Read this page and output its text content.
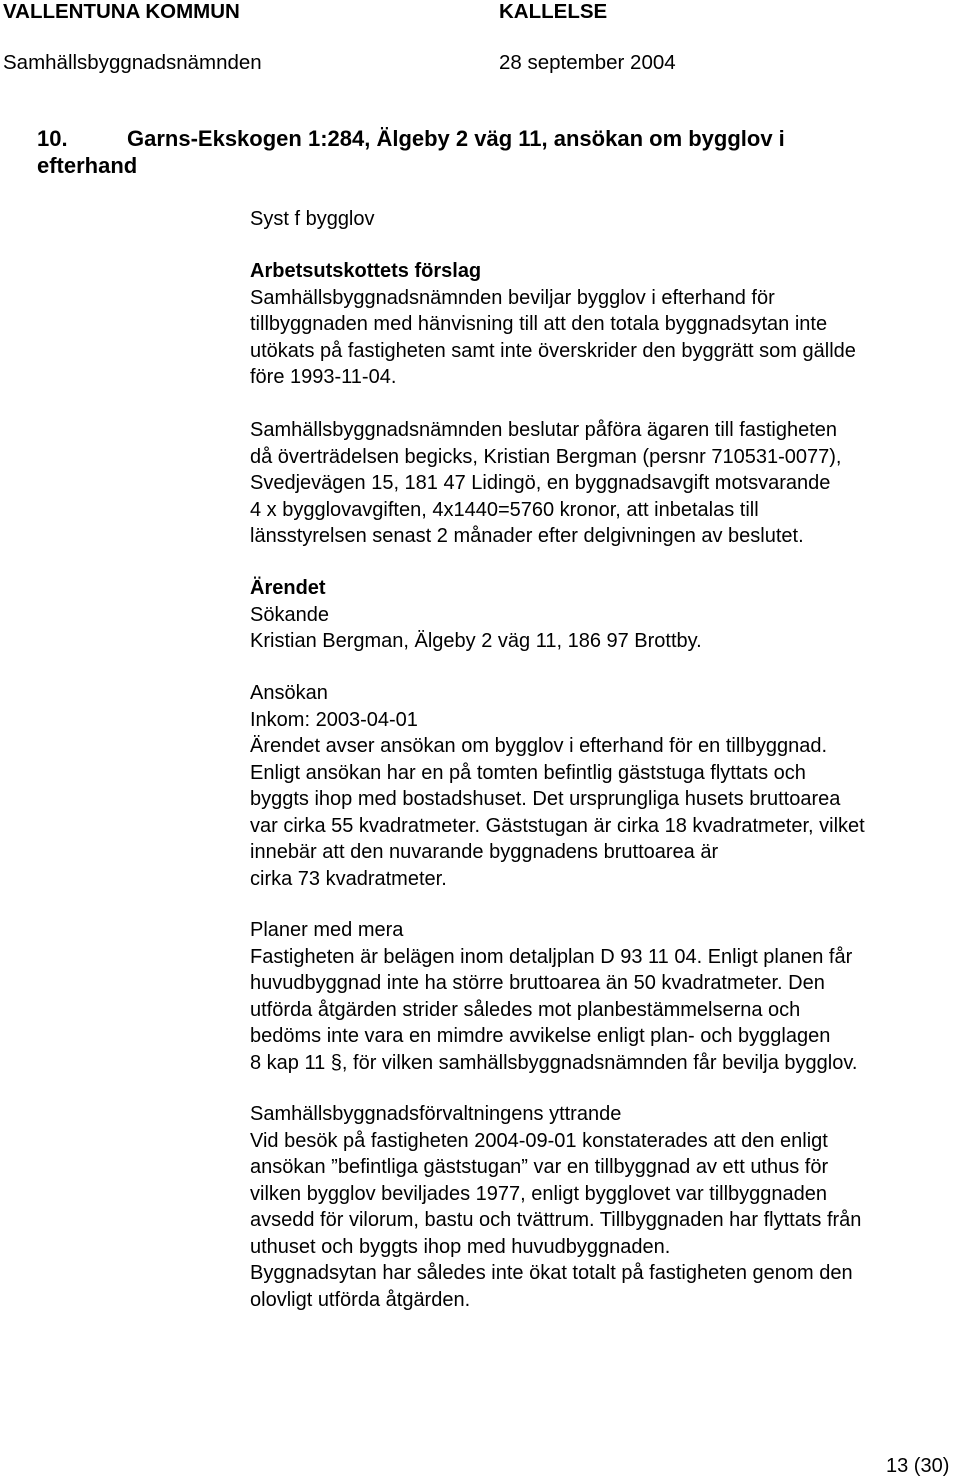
VALLENTUNA KOMMUN	KALLELSE
Samhällsbyggnadsnämnden	28 september 2004
10.	Garns-Ekskogen 1:284, Älgeby 2 väg 11, ansökan om bygglov i
efterhand
Syst f bygglov
Arbetsutskottets förslag
Samhällsbyggnadsnämnden beviljar bygglov i efterhand för
tillbyggnaden med hänvisning till att den totala byggnadsytan inte
utökats på fastigheten samt inte överskrider den byggrätt som gällde
före 1993-11-04.
Samhällsbyggnadsnämnden beslutar påföra ägaren till fastigheten
då överträdelsen begicks, Kristian Bergman (persnr 710531-0077),
Svedjevägen 15, 181 47 Lidingö, en byggnadsavgift motsvarande
4 x bygglovavgiften, 4x1440=5760 kronor, att inbetalas till
länsstyrelsen senast 2 månader efter delgivningen av beslutet.
Ärendet
Sökande
Kristian Bergman, Älgeby 2 väg 11, 186 97 Brottby.
Ansökan
Inkom: 2003-04-01
Ärendet avser ansökan om bygglov i efterhand för en tillbyggnad.
Enligt ansökan har en på tomten befintlig gäststuga flyttats och
byggts ihop med bostadshuset. Det ursprungliga husets bruttoarea
var cirka 55 kvadratmeter. Gäststugan är cirka 18 kvadratmeter, vilket
innebär att den nuvarande byggnadens bruttoarea är
cirka 73 kvadratmeter.
Planer med mera
Fastigheten är belägen inom detaljplan D 93 11 04. Enligt planen får
huvudbyggnad inte ha större bruttoarea än 50 kvadratmeter. Den
utförda åtgärden strider således mot planbestämmelserna och
bedöms inte vara en mimdre avvikelse enligt plan- och bygglagen
8 kap 11 §, för vilken samhällsbyggnadsnämnden får bevilja bygglov.
Samhällsbyggnadsförvaltningens yttrande
Vid besök på fastigheten 2004-09-01 konstaterades att den enligt
ansökan ”befintliga gäststugan” var en tillbyggnad av ett uthus för
vilken bygglov beviljades 1977, enligt bygglovet var tillbyggnaden
avsedd för vilorum, bastu och tvättrum. Tillbyggnaden har flyttats från
uthuset och byggts ihop med huvudbyggnaden.
Byggnadsytan har således inte ökat totalt på fastigheten genom den
olovligt utförda åtgärden.
13 (30)
